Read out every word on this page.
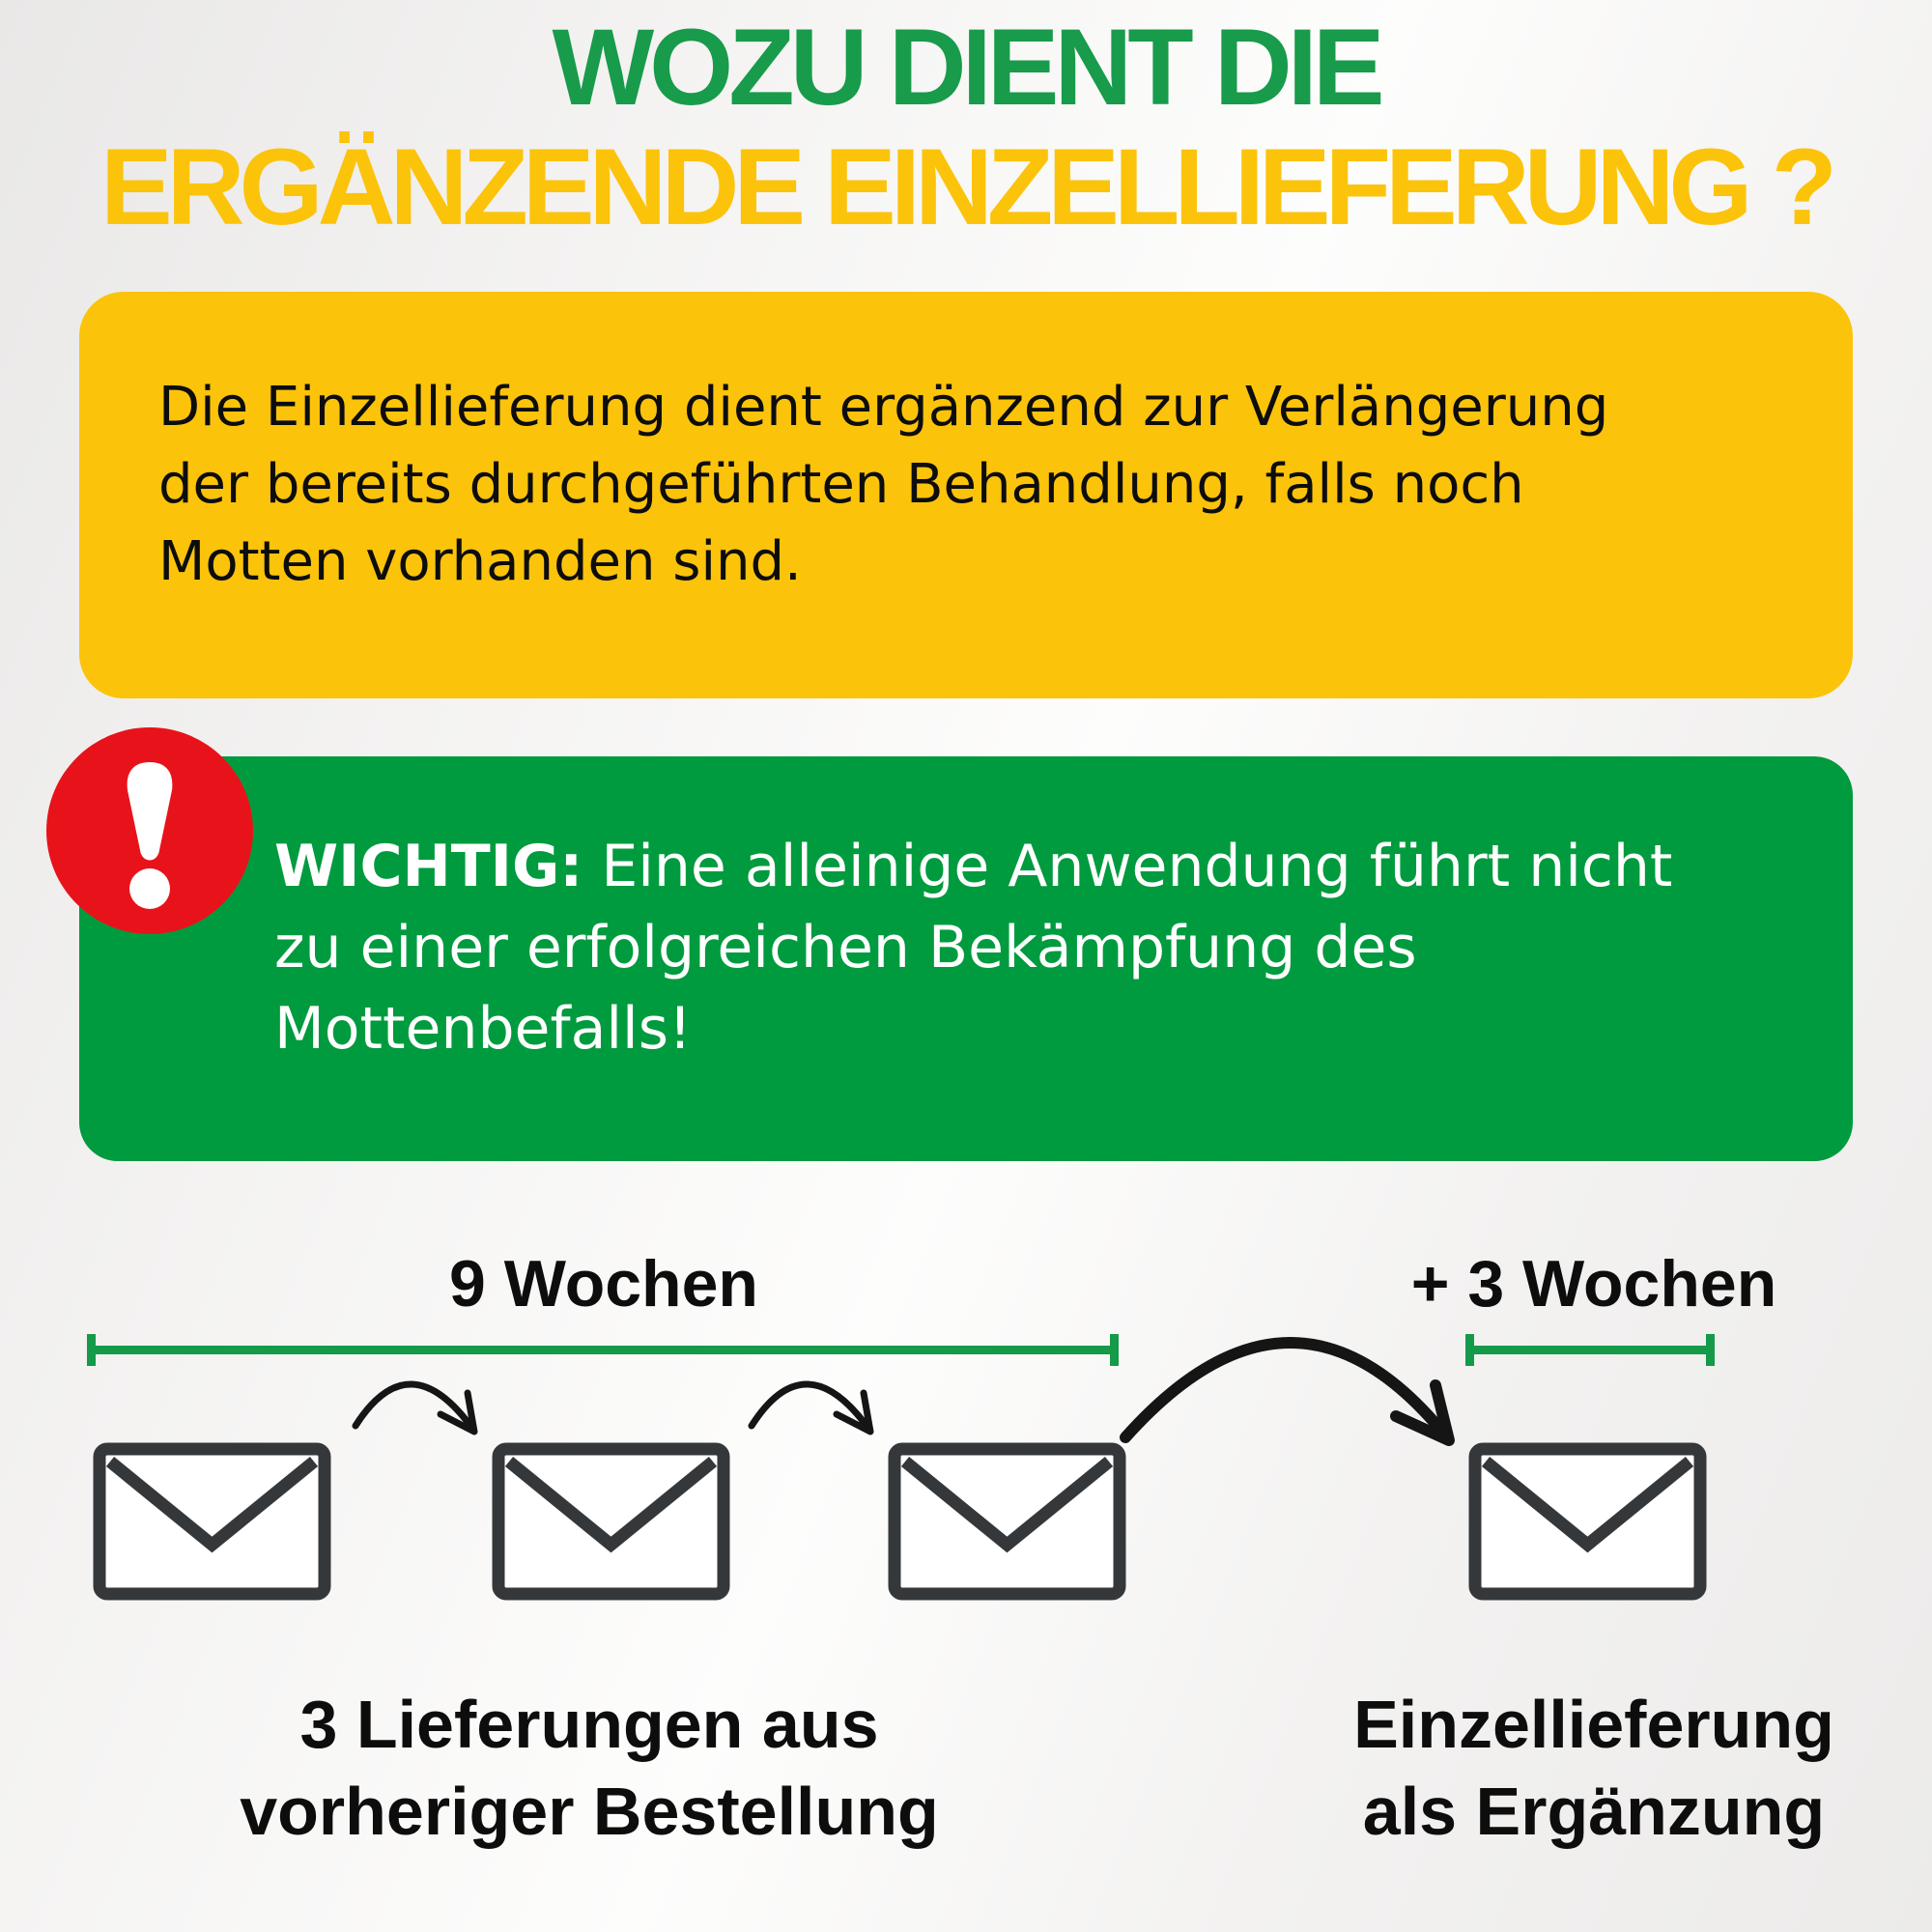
WOZU DIENT DIE
ERGÄNZENDE EINZELLIEFERUNG ?

Die Einzellieferung dient ergänzend zur Verlängerung
der bereits durchgeführten Behandlung, falls noch
Motten vorhanden sind.

WICHTIG: Eine alleinige Anwendung führt nicht
zu einer erfolgreichen Bekämpfung des
Mottenbefalls!

9 Wochen	+ 3 Wochen
3 Lieferungen aus
vorheriger Bestellung
Einzellieferung
als Ergänzung
